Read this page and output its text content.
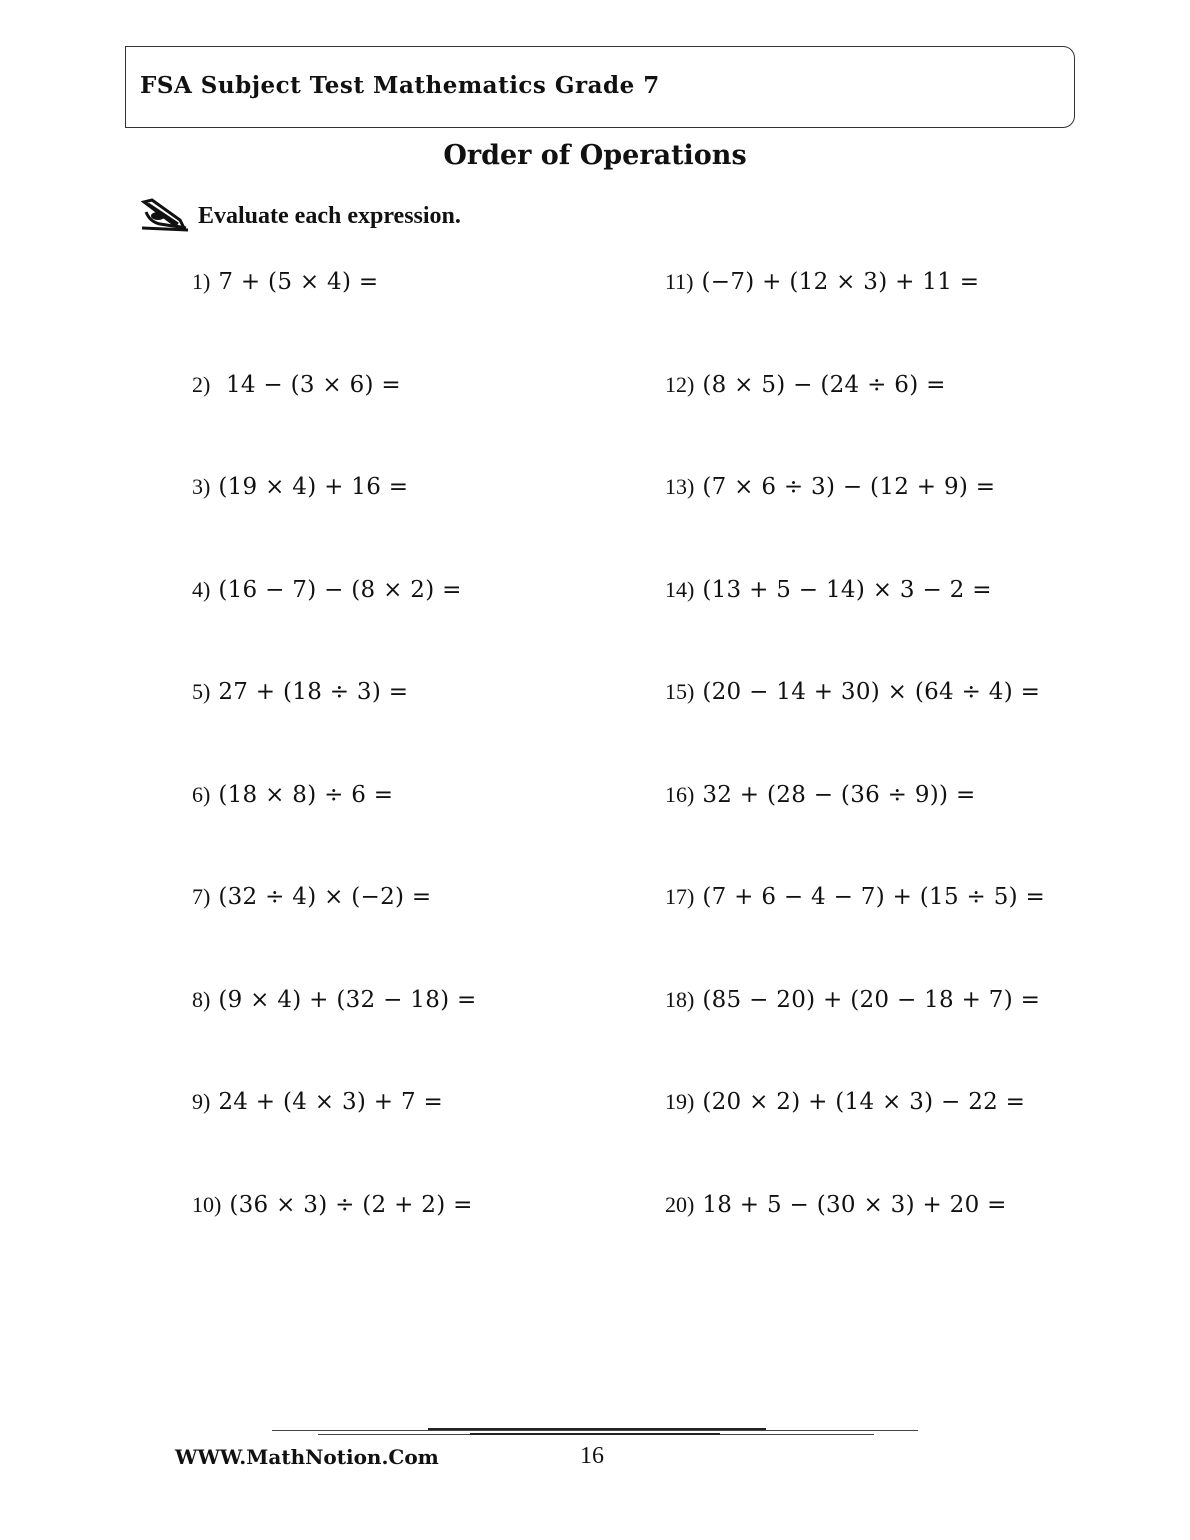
FSA Subject Test Mathematics Grade 7
Order of Operations
Evaluate each expression.
1) 7 + (5 × 4) =
2) 14 − (3 × 6) =
3) (19 × 4) + 16 =
4) (16 − 7) − (8 × 2) =
5) 27 + (18 ÷ 3) =
6) (18 × 8) ÷ 6 =
7) (32 ÷ 4) × (−2) =
8) (9 × 4) + (32 − 18) =
9) 24 + (4 × 3) + 7 =
10) (36 × 3) ÷ (2 + 2) =
11) (−7) + (12 × 3) + 11 =
12) (8 × 5) − (24 ÷ 6) =
13) (7 × 6 ÷ 3) − (12 + 9) =
14) (13 + 5 − 14) × 3 − 2 =
15) (20 − 14 + 30) × (64 ÷ 4) =
16) 32 + (28 − (36 ÷ 9)) =
17) (7 + 6 − 4 − 7) + (15 ÷ 5) =
18) (85 − 20) + (20 − 18 + 7) =
19) (20 × 2) + (14 × 3) − 22 =
20) 18 + 5 − (30 × 3) + 20 =
WWW.MathNotion.Com	16
